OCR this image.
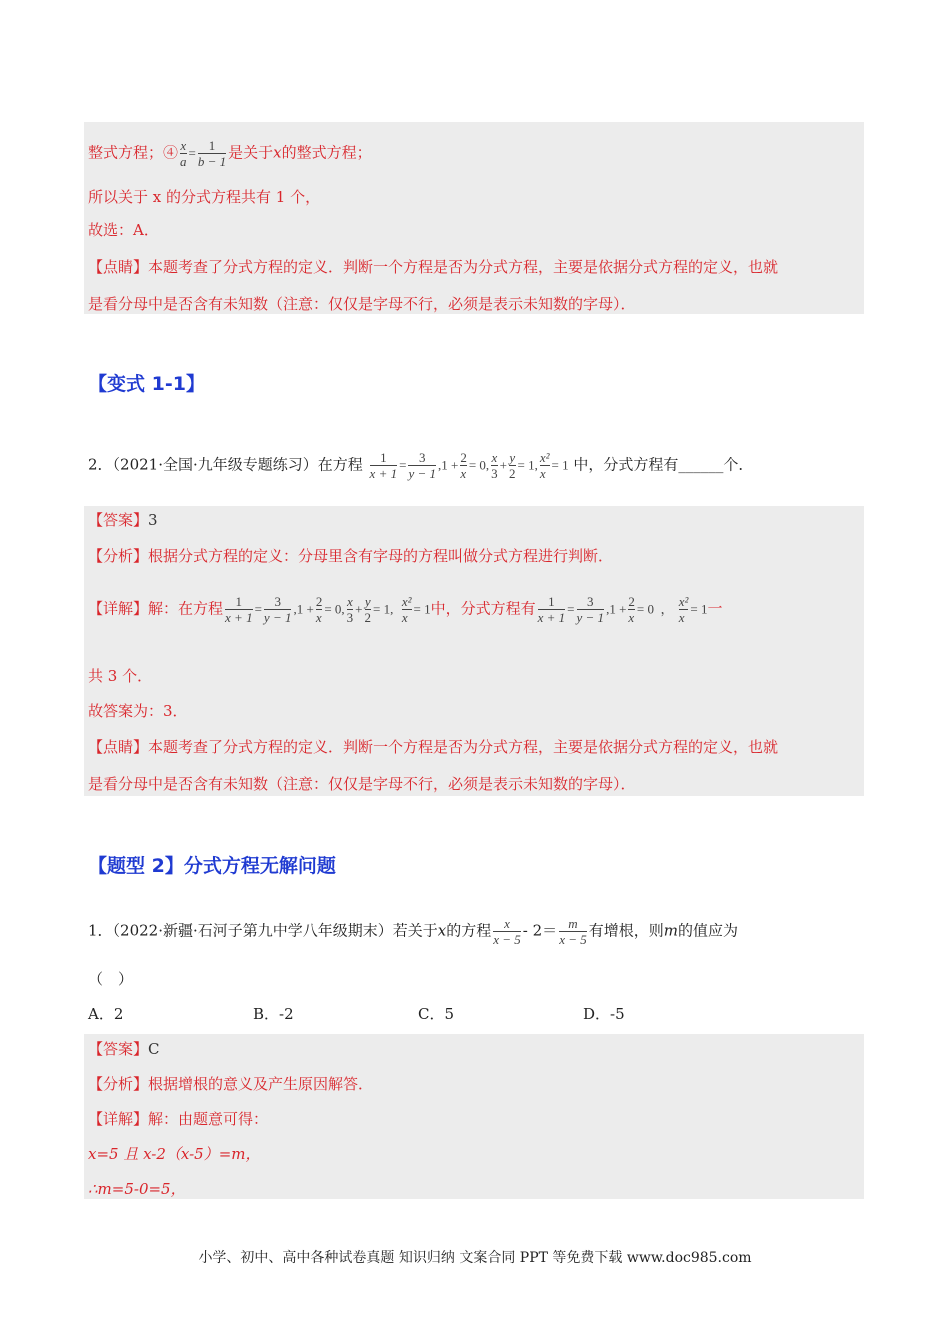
整式方程；④ $\frac{x}{a} = \frac{1}{b - 1}$ 是关于x的整式方程；
所以关于 x 的分式方程共有 1 个，
故选：A．
【点睛】本题考查了分式方程的定义．判断一个方程是否为分式方程，主要是依据分式方程的定义，也就
是看分母中是否含有未知数（注意：仅仅是字母不行，必须是表示未知数的字母）．
【变式 1-1】
2．（2021·全国·九年级专题练习）在方程 $\frac{1}{x + 1} = \frac{3}{y - 1} ,1 + \frac{2}{x} = 0$, $\frac{x}{3} + \frac{y}{2} = 1$, $\frac{\text{x²}}{x} = 1$ 中，分式方程有______个．
【答案】3
【分析】根据分式方程的定义：分母里含有字母的方程叫做分式方程进行判断．
【详解】解：在方程 $\frac{1}{x + 1} = \frac{3}{y - 1} ,1 + \frac{2}{x} = 0$, $\frac{x}{3} + \frac{y}{2} = 1$, $\frac{\text{x²}}{x} = 1$中，分式方程有 $\frac{1}{x + 1} = \frac{3}{y - 1} ,1 + \frac{2}{x} = 0$  ， $\frac{\text{x²}}{x} = 1$一
共 3 个．
故答案为：3．
【点睛】本题考查了分式方程的定义．判断一个方程是否为分式方程，主要是依据分式方程的定义，也就
是看分母中是否含有未知数（注意：仅仅是字母不行，必须是表示未知数的字母）．
【题型 2】分式方程无解问题
1．（2022·新疆·石河子第九中学八年级期末）若关于x的方程 $\frac{x}{x - 5} - 2= \frac{m}{x - 5}$ 有增根，则m的值应为
（　）
A．2	B．-2	C．5	D．-5
【答案】C
【分析】根据增根的意义及产生原因解答．
【详解】解：由题意可得：
x=5 且 x-2（x-5）=m，
∴m=5-0=5，
小学、初中、高中各种试卷真题 知识归纳 文案合同 PPT 等免费下载 www.doc985.com
